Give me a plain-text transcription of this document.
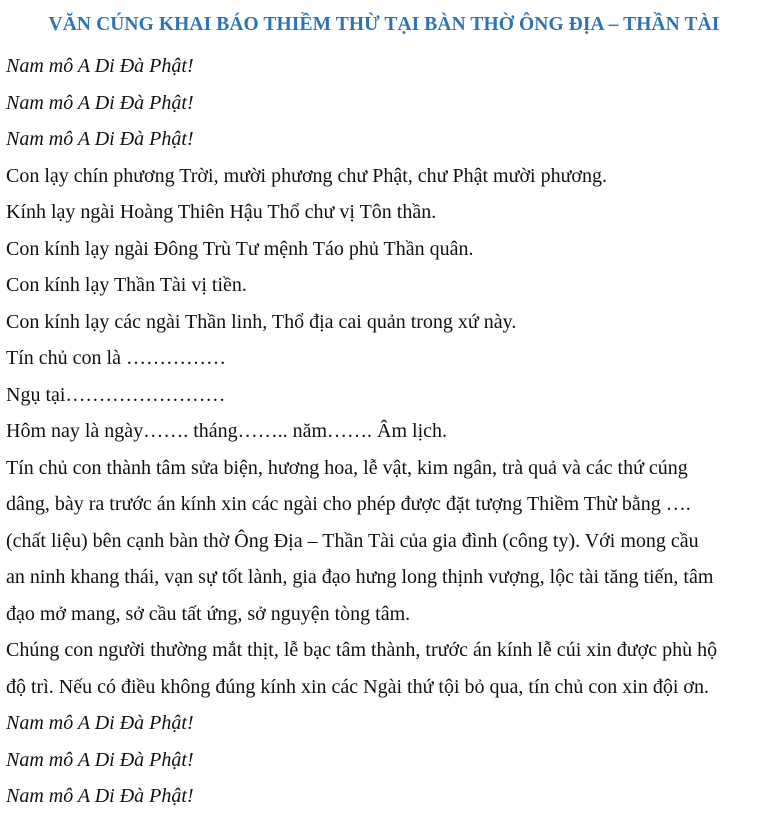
VĂN CÚNG KHAI BÁO THIỀM THỪ TẠI BÀN THỜ ÔNG ĐỊA – THẦN TÀI

Nam mô A Di Đà Phật!

Nam mô A Di Đà Phật!

Nam mô A Di Đà Phật!

Con lạy chín phương Trời, mười phương chư Phật, chư Phật mười phương.

Kính lạy ngài Hoàng Thiên Hậu Thổ chư vị Tôn thần.

Con kính lạy ngài Đông Trù Tư mệnh Táo phủ Thần quân.

Con kính lạy Thần Tài vị tiền.

Con kính lạy các ngài Thần linh, Thổ địa cai quản trong xứ này.

Tín chủ con là ……………

Ngụ tại……………………

Hôm nay là ngày……. tháng…….. năm……. Âm lịch.

Tín chủ con thành tâm sửa biện, hương hoa, lễ vật, kim ngân, trà quả và các thứ cúng
dâng, bày ra trước án kính xin các ngài cho phép được đặt tượng Thiềm Thừ bằng ….
(chất liệu) bên cạnh bàn thờ Ông Địa – Thần Tài của gia đình (công ty). Với mong cầu
an ninh khang thái, vạn sự tốt lành, gia đạo hưng long thịnh vượng, lộc tài tăng tiến, tâm
đạo mở mang, sở cầu tất ứng, sở nguyện tòng tâm.

Chúng con người thường mắt thịt, lễ bạc tâm thành, trước án kính lễ cúi xin được phù hộ
độ trì. Nếu có điều không đúng kính xin các Ngài thứ tội bỏ qua, tín chủ con xin đội ơn.

Nam mô A Di Đà Phật!

Nam mô A Di Đà Phật!

Nam mô A Di Đà Phật!
